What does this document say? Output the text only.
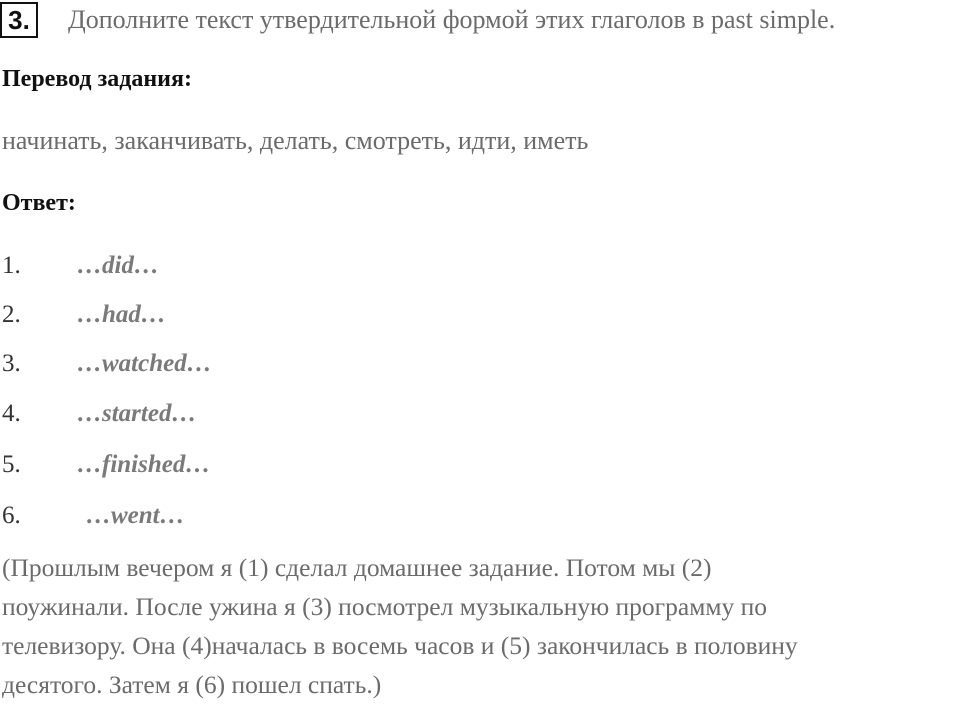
3.	Дополните текст утвердительной формой этих глаголов в past simple.
Перевод задания:
начинать, заканчивать, делать, смотреть, идти, иметь
Ответ:
1. …did…
2. …had…
3. …watched…
4. …started…
5. …finished…
6.	…went…
(Прошлым вечером я (1) сделал домашнее задание. Потом мы (2)
поужинали. После ужина я (3) посмотрел музыкальную программу по
телевизору. Она (4)началась в восемь часов и (5) закончилась в половину
десятого. Затем я (6) пошел спать.)
